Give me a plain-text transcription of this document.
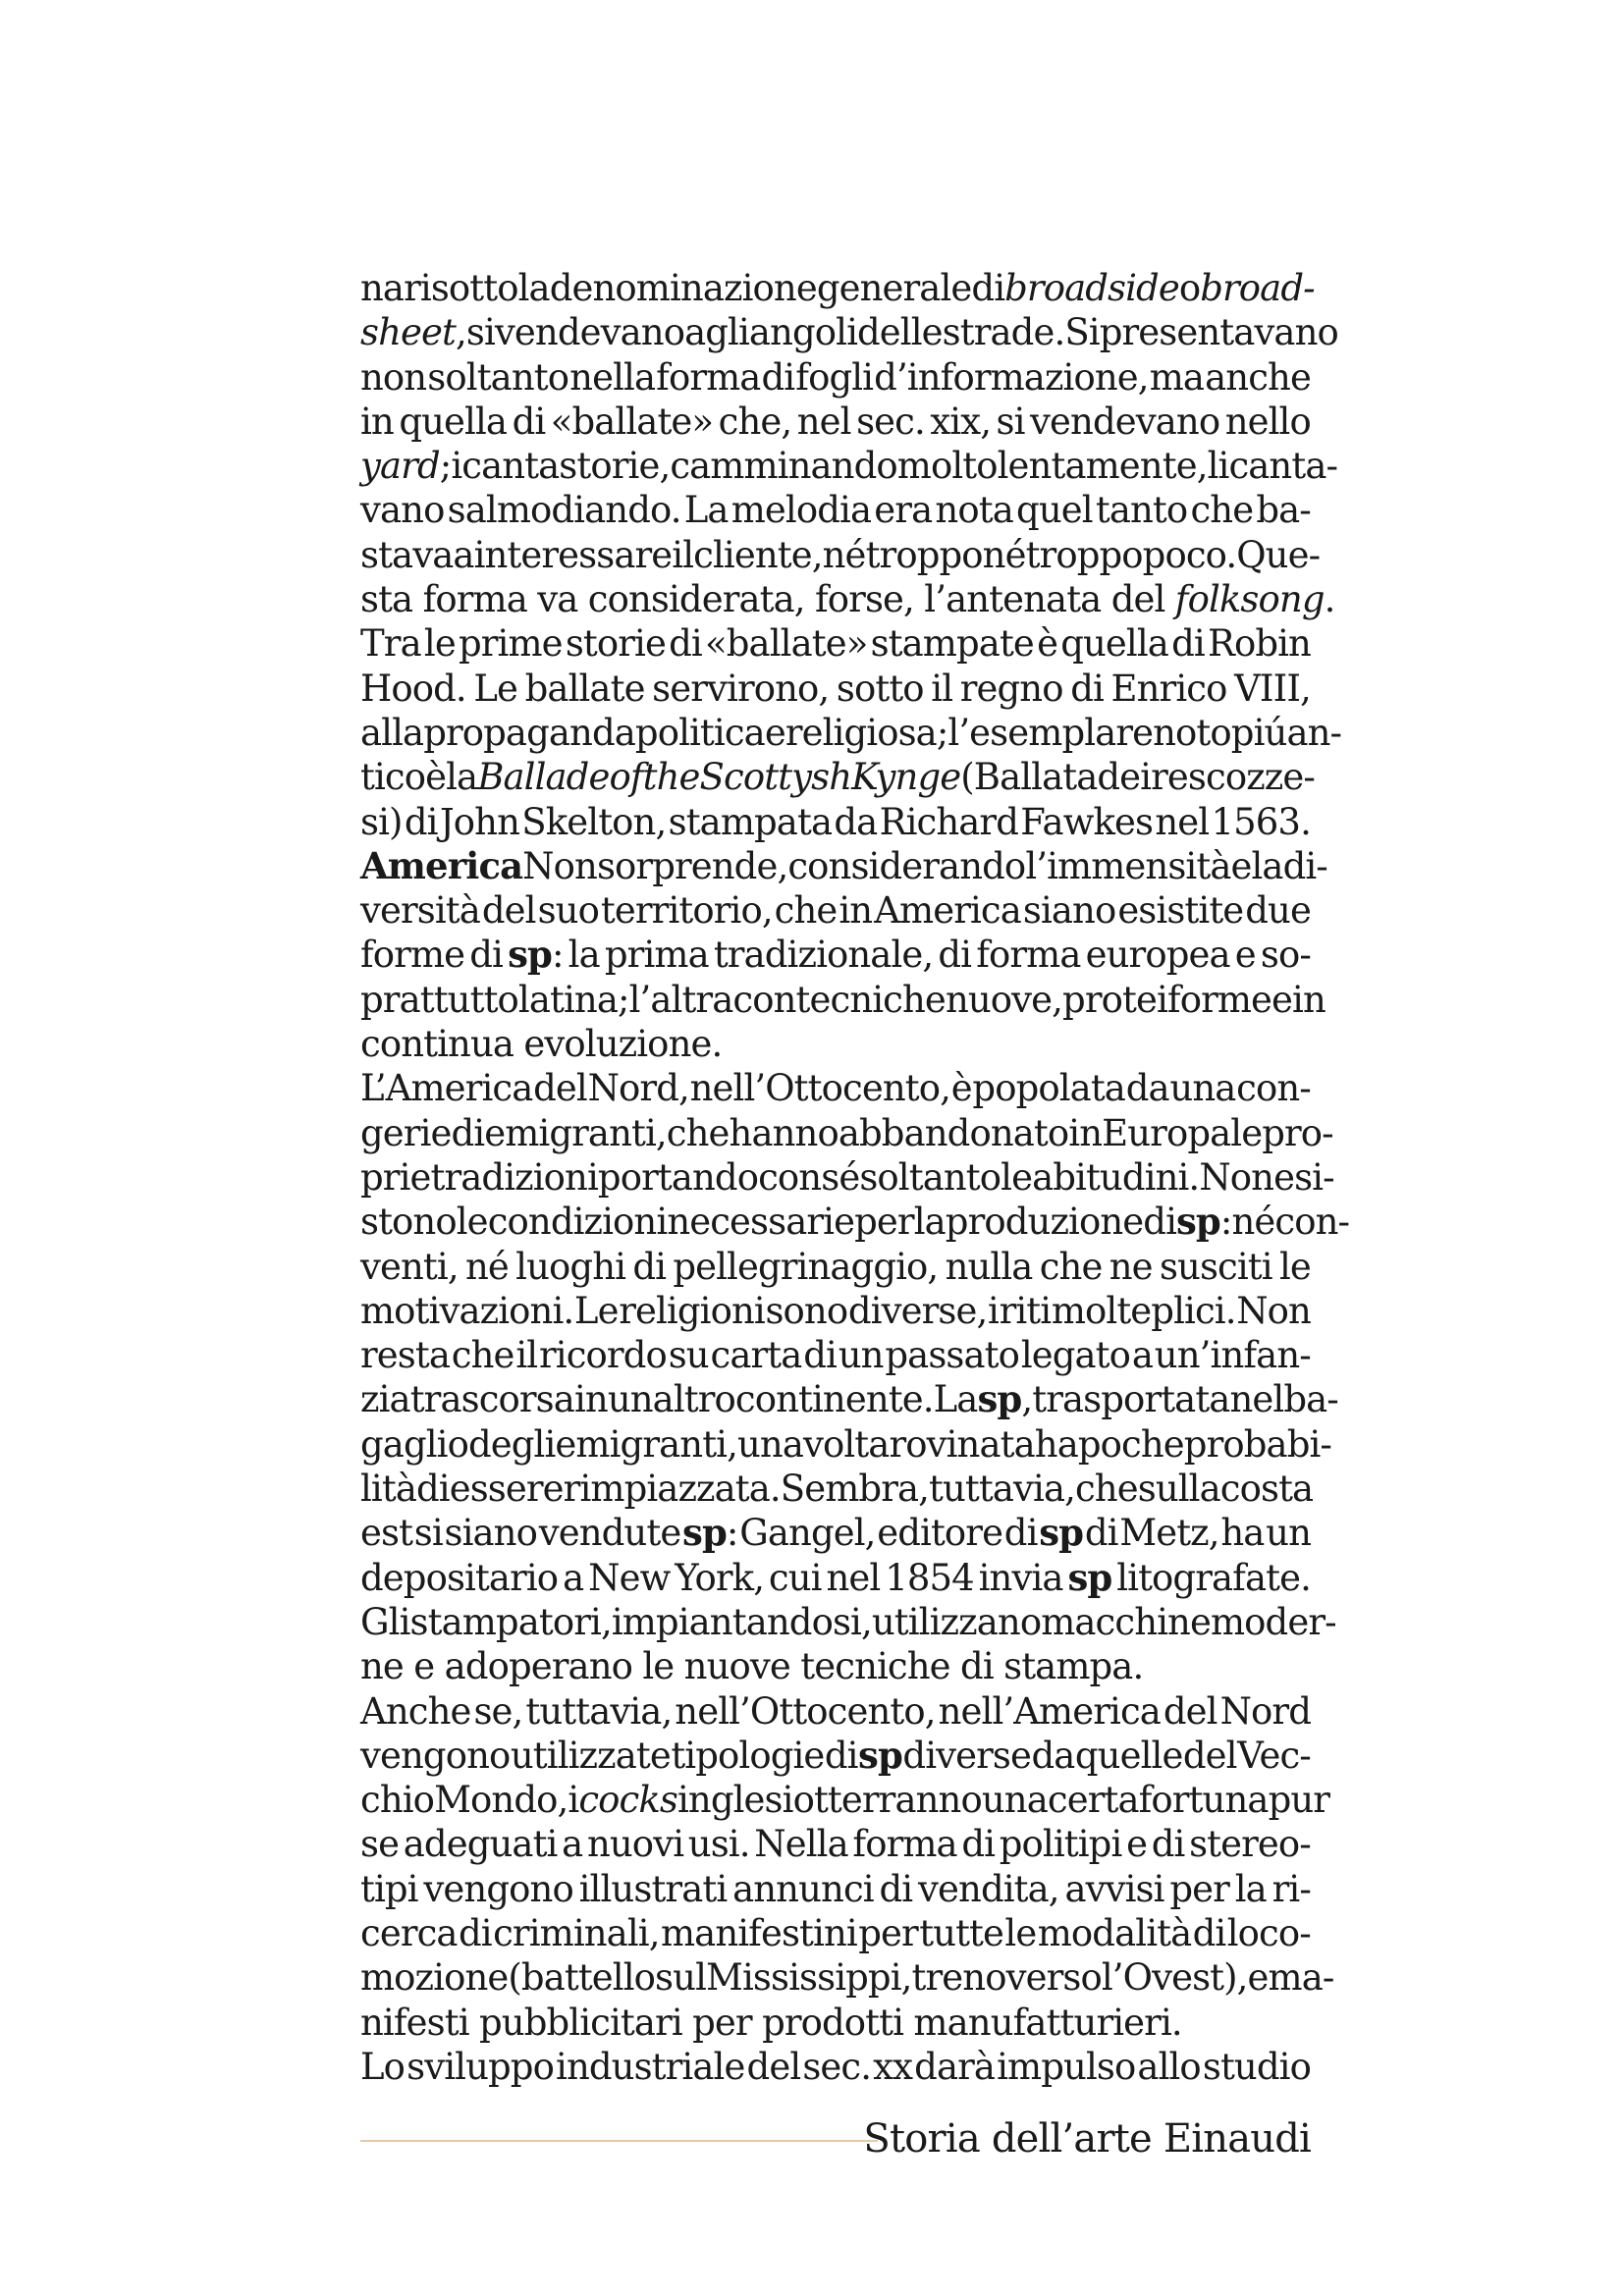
nari sotto la denominazione generale di broadside o broad-
sheet, si vendevano agli angoli delle strade. Si presentavano
non soltanto nella forma di fogli d’informazione, ma anche
in quella di «ballate» che, nel sec. xix, si vendevano nello
yard; i cantastorie, camminando molto lentamente, li canta-
vano salmodiando. La melodia era nota quel tanto che ba-
stava a interessare il cliente, né troppo né troppo poco. Que-
sta forma va considerata, forse, l’antenata del folksong.
Tra le prime storie di «ballate» stampate è quella di Robin
Hood. Le ballate servirono, sotto il regno di Enrico VIII,
alla propaganda politica e religiosa; l’esemplare noto piú an-
tico è la Ballade of the Scottysh Kynge (Ballata dei re scozze-
si) di John Skelton, stampata da Richard Fawkes nel 1563.
America Non sorprende, considerando l’immensità e la di-
versità del suo territorio, che in America siano esistite due
forme di sp: la prima tradizionale, di forma europea e so-
prattutto latina; l’altra con tecniche nuove, proteiforme e in
continua evoluzione.
L’America del Nord, nell’Ottocento, è popolata da una con-
gerie di emigranti, che hanno abbandonato in Europa le pro-
prie tradizioni portando con sé soltanto le abitudini. Non esi-
stono le condizioni necessarie per la produzione di sp: né con-
venti, né luoghi di pellegrinaggio, nulla che ne susciti le
motivazioni. Le religioni sono diverse, i riti molteplici. Non
resta che il ricordo su carta di un passato legato a un’infan-
zia trascorsa in un altro continente. La sp, trasportata nel ba-
gaglio degli emigranti, una volta rovinata ha poche probabi-
lità di essere rimpiazzata. Sembra, tuttavia, che sulla costa
est si siano vendute sp: Gangel, editore di sp di Metz, ha un
depositario a New York, cui nel 1854 invia sp litografate.
Gli stampatori, impiantandosi, utilizzano macchine moder-
ne e adoperano le nuove tecniche di stampa.
Anche se, tuttavia, nell’Ottocento, nell’America del Nord
vengono utilizzate tipologie di sp diverse da quelle del Vec-
chio Mondo, i cocks inglesi otterranno una certa fortuna pur
se adeguati a nuovi usi. Nella forma di politipi e di stereo-
tipi vengono illustrati annunci di vendita, avvisi per la ri-
cerca di criminali, manifestini per tutte le modalità di loco-
mozione (battello sul Mississippi, treno verso l’Ovest), e ma-
nifesti pubblicitari per prodotti manufatturieri.
Lo sviluppo industriale del sec. xx darà impulso allo studio
Storia dell’arte Einaudi
